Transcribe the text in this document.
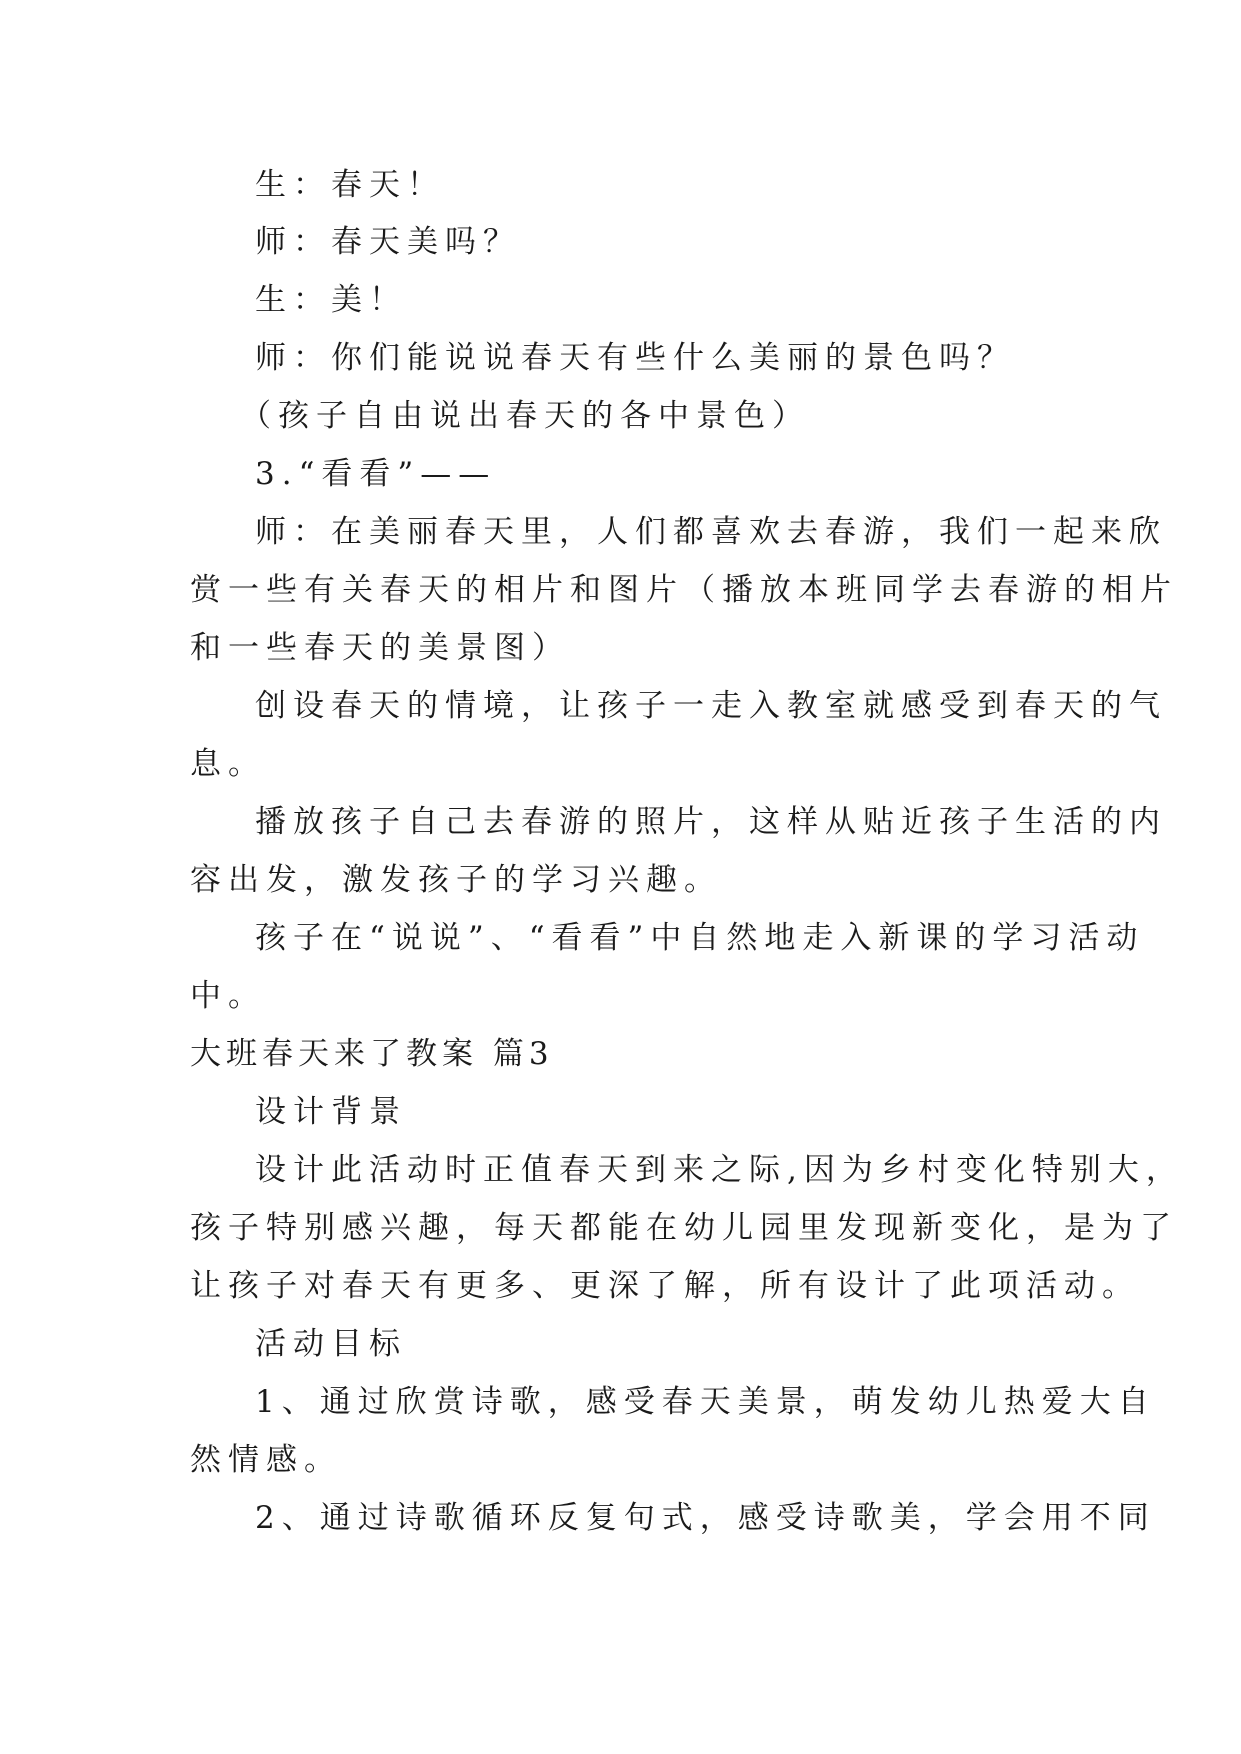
生：春天！
师：春天美吗？
生：美！
师：你们能说说春天有些什么美丽的景色吗？
（孩子自由说出春天的各中景色）
3.“看看”——
师：在美丽春天里，人们都喜欢去春游，我们一起来欣
赏一些有关春天的相片和图片（播放本班同学去春游的相片
和一些春天的美景图）
创设春天的情境，让孩子一走入教室就感受到春天的气
息。
播放孩子自己去春游的照片，这样从贴近孩子生活的内
容出发，激发孩子的学习兴趣。
孩子在“说说”、“看看”中自然地走入新课的学习活动
中。
大班春天来了教案 篇3
设计背景
设计此活动时正值春天到来之际,因为乡村变化特别大，
孩子特别感兴趣，每天都能在幼儿园里发现新变化，是为了
让孩子对春天有更多、更深了解，所有设计了此项活动。
活动目标
1、通过欣赏诗歌，感受春天美景，萌发幼儿热爱大自
然情感。
2、通过诗歌循环反复句式，感受诗歌美，学会用不同
